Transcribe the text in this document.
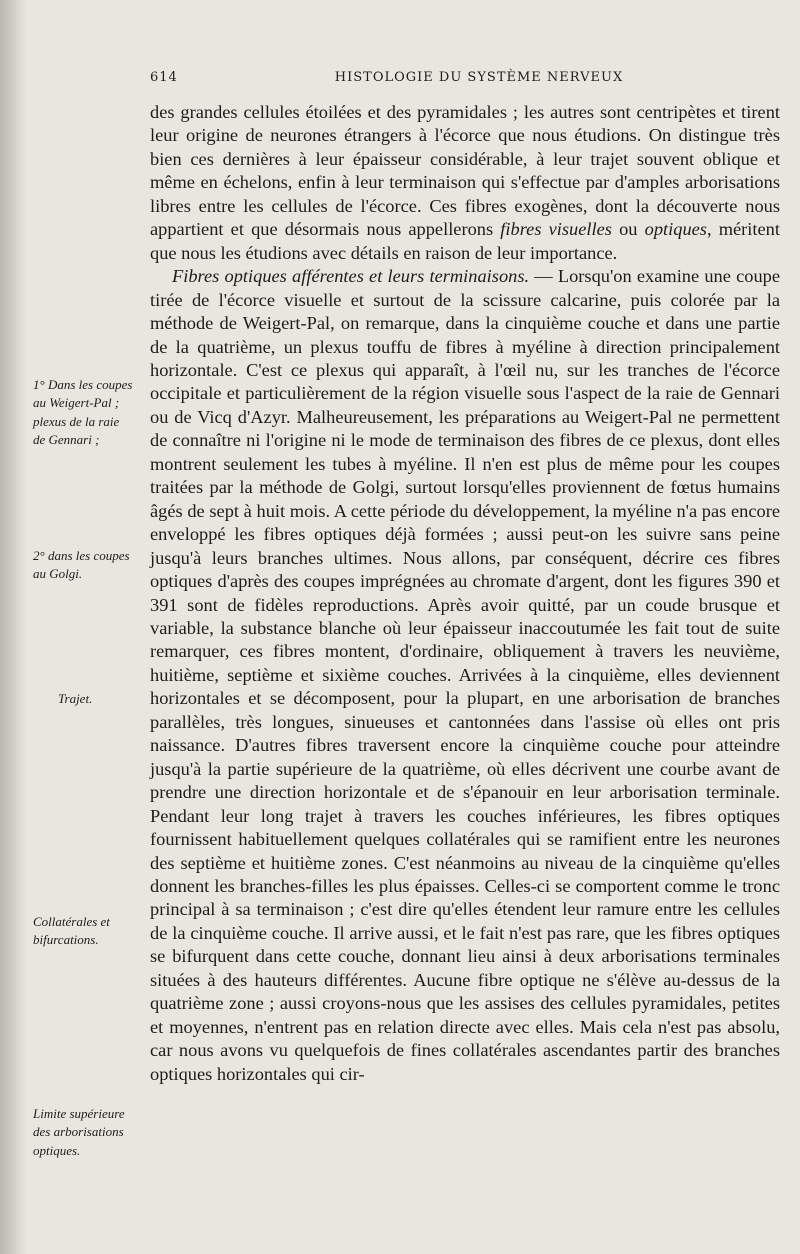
614	HISTOLOGIE DU SYSTÈME NERVEUX

des grandes cellules étoilées et des pyramidales ; les autres sont centripètes et tirent leur origine de neurones étrangers à l'écorce que nous étudions. On distingue très bien ces dernières à leur épaisseur considérable, à leur trajet souvent oblique et même en échelons, enfin à leur terminaison qui s'effectue par d'amples arborisations libres entre les cellules de l'écorce. Ces fibres exogènes, dont la découverte nous appartient et que désormais nous appellerons fibres visuelles ou optiques, méritent que nous les étudions avec détails en raison de leur importance.

Fibres optiques afférentes et leurs terminaisons. — Lorsqu'on examine une coupe tirée de l'écorce visuelle et surtout de la scissure calcarine, puis colorée par la méthode de Weigert-Pal, on remarque, dans la cinquième couche et dans une partie de la quatrième, un plexus touffu de fibres à myéline à direction principalement horizontale. C'est ce plexus qui apparaît, à l'œil nu, sur les tranches de l'écorce occipitale et particulièrement de la région visuelle sous l'aspect de la raie de Gennari ou de Vicq d'Azyr. Malheureusement, les préparations au Weigert-Pal ne permettent de connaître ni l'origine ni le mode de terminaison des fibres de ce plexus, dont elles montrent seulement les tubes à myéline. Il n'en est plus de même pour les coupes traitées par la méthode de Golgi, surtout lorsqu'elles proviennent de fœtus humains âgés de sept à huit mois. A cette période du développement, la myéline n'a pas encore enveloppé les fibres optiques déjà formées ; aussi peut-on les suivre sans peine jusqu'à leurs branches ultimes. Nous allons, par conséquent, décrire ces fibres optiques d'après des coupes imprégnées au chromate d'argent, dont les figures 390 et 391 sont de fidèles reproductions. Après avoir quitté, par un coude brusque et variable, la substance blanche où leur épaisseur inaccoutumée les fait tout de suite remarquer, ces fibres montent, d'ordinaire, obliquement à travers les neuvième, huitième, septième et sixième couches. Arrivées à la cinquième, elles deviennent horizontales et se décomposent, pour la plupart, en une arborisation de branches parallèles, très longues, sinueuses et cantonnées dans l'assise où elles ont pris naissance. D'autres fibres traversent encore la cinquième couche pour atteindre jusqu'à la partie supérieure de la quatrième, où elles décrivent une courbe avant de prendre une direction horizontale et de s'épanouir en leur arborisation terminale. Pendant leur long trajet à travers les couches inférieures, les fibres optiques fournissent habituellement quelques collatérales qui se ramifient entre les neurones des septième et huitième zones. C'est néanmoins au niveau de la cinquième qu'elles donnent les branches-filles les plus épaisses. Celles-ci se comportent comme le tronc principal à sa terminaison ; c'est dire qu'elles étendent leur ramure entre les cellules de la cinquième couche. Il arrive aussi, et le fait n'est pas rare, que les fibres optiques se bifurquent dans cette couche, donnant lieu ainsi à deux arborisations terminales situées à des hauteurs différentes. Aucune fibre optique ne s'élève au-dessus de la quatrième zone ; aussi croyons-nous que les assises des cellules pyramidales, petites et moyennes, n'entrent pas en relation directe avec elles. Mais cela n'est pas absolu, car nous avons vu quelquefois de fines collatérales ascendantes partir des branches optiques horizontales qui cir-

1° Dans les coupes au Weigert-Pal ; plexus de la raie de Gennari ;
2° dans les coupes au Golgi.
Trajet.
Collatérales et bifurcations.
Limite supérieure des arborisations optiques.
